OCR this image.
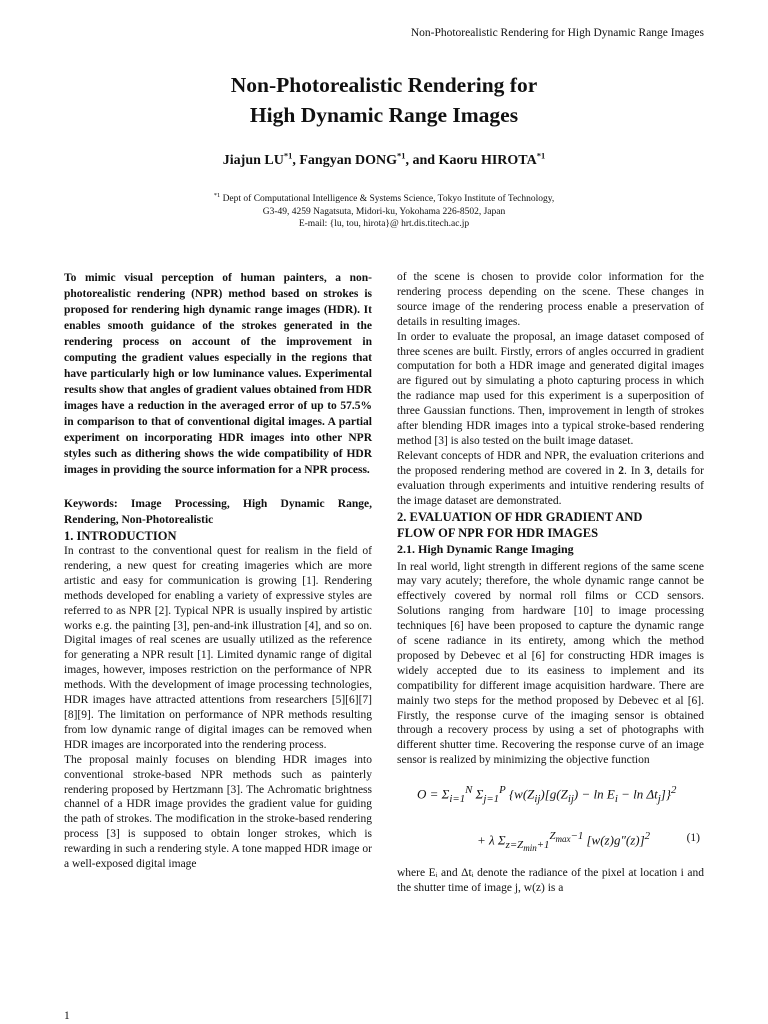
Non-Photorealistic Rendering for High Dynamic Range Images
Non-Photorealistic Rendering for
High Dynamic Range Images
Jiajun LU$^{*1}$, Fangyan DONG$^{*1}$, and Kaoru HIROTA$^{*1}$
$^{*1}$ Dept of Computational Intelligence & Systems Science, Tokyo Institute of Technology,
G3-49, 4259 Nagatsuta, Midori-ku, Yokohama 226-8502, Japan
E-mail: {lu, tou, hirota}@ hrt.dis.titech.ac.jp

To mimic visual perception of human painters, a non-photorealistic rendering (NPR) method based on strokes is proposed for rendering high dynamic range images (HDR). It enables smooth guidance of the strokes generated in the rendering process on account of the improvement in computing the gradient values especially in the regions that have particularly high or low luminance values. Experimental results show that angles of gradient values obtained from HDR images have a reduction in the averaged error of up to 57.5% in comparison to that of conventional digital images. A partial experiment on incorporating HDR images into other NPR styles such as dithering shows the wide compatibility of HDR images in providing the source information for a NPR process.

Keywords: Image Processing, High Dynamic Range, Rendering, Non-Photorealistic

1. INTRODUCTION

In contrast to the conventional quest for realism in the field of rendering, a new quest for creating imageries which are more artistic and easy for communication is growing [1]. Rendering methods developed for enabling a variety of expressive styles are referred to as NPR [2]. Typical NPR is usually inspired by artistic works e.g. the painting [3], pen-and-ink illustration [4], and so on. Digital images of real scenes are usually utilized as the reference for generating a NPR result [1]. Limited dynamic range of digital images, however, imposes restriction on the performance of NPR methods. With the development of image processing technologies, HDR images have attracted attentions from researchers [5][6][7][8][9]. The limitation on performance of NPR methods resulting from low dynamic range of digital images can be removed when HDR images are incorporated into the rendering process.

The proposal mainly focuses on blending HDR images into conventional stroke-based NPR methods such as painterly rendering proposed by Hertzmann [3]. The Achromatic brightness channel of a HDR image provides the gradient value for guiding the path of strokes. The modification in the stroke-based rendering process [3] is supposed to obtain longer strokes, which is rewarding in such a rendering style. A tone mapped HDR image or a well-exposed digital image

of the scene is chosen to provide color information for the rendering process depending on the scene. These changes in source image of the rendering process enable a preservation of details in resulting images.

In order to evaluate the proposal, an image dataset composed of three scenes are built. Firstly, errors of angles occurred in gradient computation for both a HDR image and generated digital images are figured out by simulating a photo capturing process in which the radiance map used for this experiment is a superposition of three Gaussian functions. Then, improvement in length of strokes after blending HDR images into a typical stroke-based rendering method [3] is also tested on the built image dataset.

Relevant concepts of HDR and NPR, the evaluation criterions and the proposed rendering method are covered in 2. In 3, details for evaluation through experiments and intuitive rendering results of the image dataset are demonstrated.

2. EVALUATION OF HDR GRADIENT AND
FLOW OF NPR FOR HDR IMAGES
2.1. High Dynamic Range Imaging

In real world, light strength in different regions of the same scene may vary acutely; therefore, the whole dynamic range cannot be effectively covered by normal roll films or CCD sensors. Solutions ranging from hardware [10] to image processing techniques [6] have been proposed to capture the dynamic range of scene radiance in its entirety, among which the method proposed by Debevec et al [6] for constructing HDR images is widely accepted due to its easiness to implement and its compatibility for different image acquisition hardware. There are mainly two steps for the method proposed by Debevec et al [6]. Firstly, the response curve of the imaging sensor is obtained through a recovery process by using a set of photographs with different shutter time. Recovering the response curve of an image sensor is realized by minimizing the objective function

$O = \Sigma_{i=1}^N$ $\Sigma_{j=1}^P$ $\{w(Z_{ij})[g(Z_{ij}) - \ln E_i - \ln \Delta t_j]\}^2$
+ λ $\Sigma_{z=Z_{min}+1}^{Z_{max}-1}$ $[w(z)g''(z)]^2$	(1)

where Eᵢ and Δtᵢ denote the radiance of the pixel at location i and the shutter time of image j, w(z) is a

1
